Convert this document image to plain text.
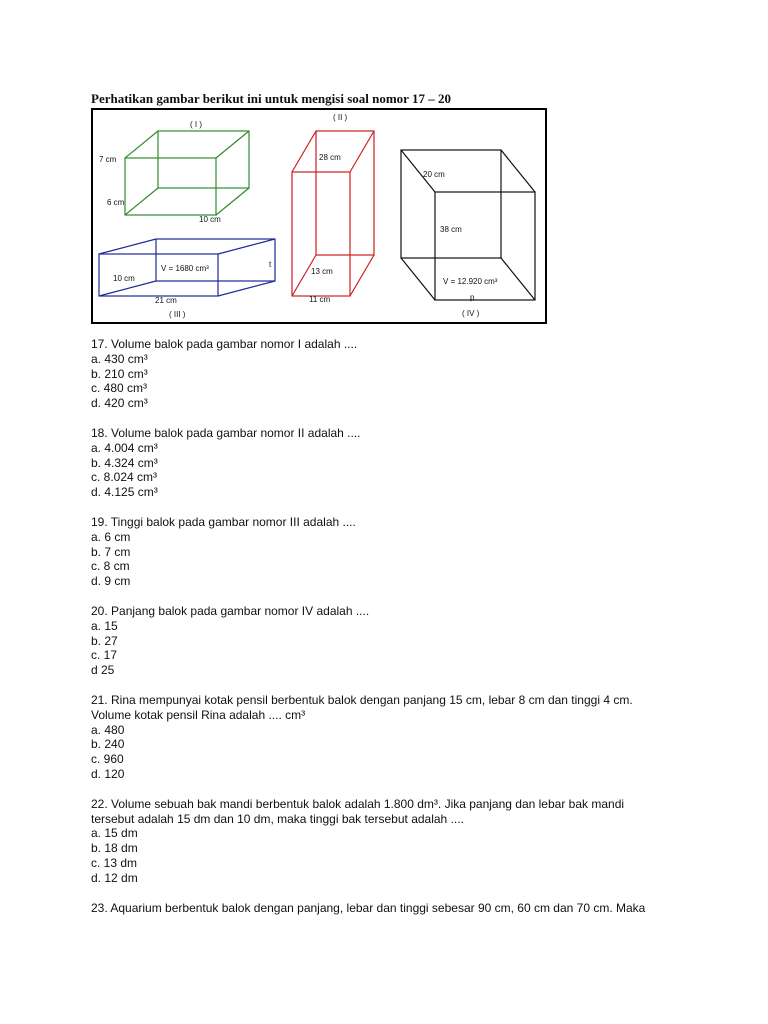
Perhatikan gambar berikut ini untuk mengisi soal nomor 17 – 20
( I )
7 cm
6 cm
10 cm
V = 1680 cm³
10 cm
21 cm
t
( III )
( II )
28 cm
13 cm
11 cm
20 cm
38 cm
V = 12.920 cm³
p
( IV )
17. Volume balok pada gambar nomor I adalah ....
a. 430 cm³
b. 210 cm³
c. 480 cm³
d. 420 cm³
18. Volume balok pada gambar nomor II adalah ....
a. 4.004 cm³
b. 4.324 cm³
c. 8.024 cm³
d. 4.125 cm³
19. Tinggi balok pada gambar nomor III adalah ....
a. 6 cm
b. 7 cm
c. 8 cm
d. 9 cm
20. Panjang balok pada gambar nomor IV adalah ....
a. 15
b. 27
c. 17
d 25
21. Rina mempunyai kotak pensil berbentuk balok dengan panjang 15 cm, lebar 8 cm dan tinggi 4 cm.
Volume kotak pensil Rina adalah .... cm³
a. 480
b. 240
c. 960
d. 120
22. Volume sebuah bak mandi berbentuk balok adalah 1.800 dm³. Jika panjang dan lebar bak mandi
tersebut adalah 15 dm dan 10 dm, maka tinggi bak tersebut adalah ....
a. 15 dm
b. 18 dm
c. 13 dm
d. 12 dm
23. Aquarium berbentuk balok dengan panjang, lebar dan tinggi sebesar 90 cm, 60 cm dan 70 cm. Maka
